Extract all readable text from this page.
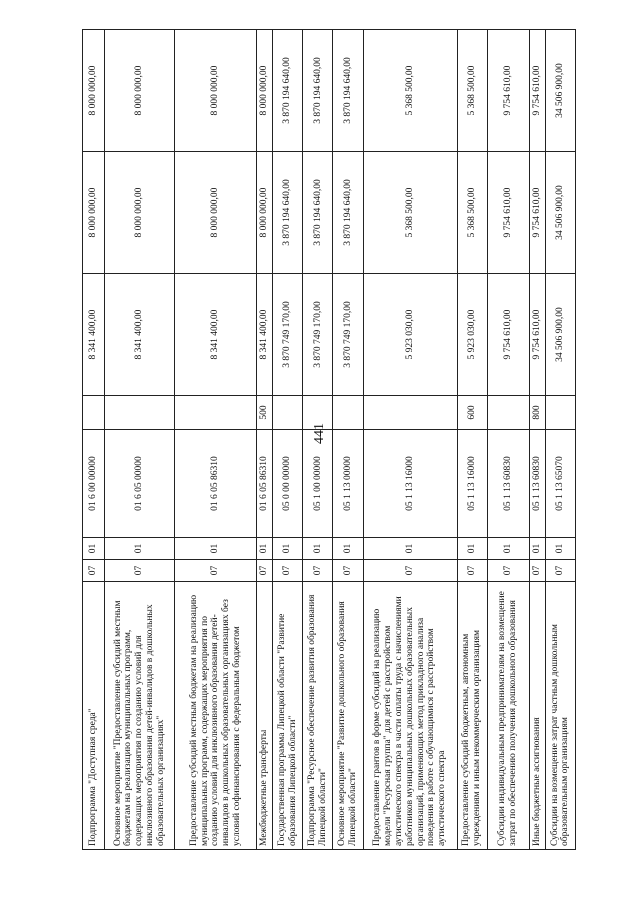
441
Подпрограмма "Доступная среда"	07	01	01 6 00 00000		8 341 400,00	8 000 000,00	8 000 000,00
Основное мероприятие "Предоставление субсидий местным бюджетам на реализацию муниципальных программ, содержащих мероприятия по созданию условий для инклюзивного образования детей-инвалидов в дошкольных образовательных организациях"	07	01	01 6 05 00000		8 341 400,00	8 000 000,00	8 000 000,00
Предоставление субсидий местным бюджетам на реализацию муниципальных программ, содержащих мероприятия по созданию условий для инклюзивного образования детей-инвалидов в дошкольных образовательных организациях без условий софинансирования с федеральным бюджетом	07	01	01 6 05 86310		8 341 400,00	8 000 000,00	8 000 000,00
Межбюджетные трансферты	07	01	01 6 05 86310	500	8 341 400,00	8 000 000,00	8 000 000,00
Государственная программа Липецкой области "Развитие образования Липецкой области"	07	01	05 0 00 00000		3 870 749 170,00	3 870 194 640,00	3 870 194 640,00
Подпрограмма "Ресурсное обеспечение развития образования Липецкой области"	07	01	05 1 00 00000		3 870 749 170,00	3 870 194 640,00	3 870 194 640,00
Основное мероприятие "Развитие дошкольного образования Липецкой области"	07	01	05 1 13 00000		3 870 749 170,00	3 870 194 640,00	3 870 194 640,00
Предоставление грантов в форме субсидий на реализацию модели "Ресурсная группа" для детей с расстройством аутистического спектра в части оплаты труда с начислениями работников муниципальных дошкольных образовательных организаций, применяющих метод прикладного анализа поведения в работе с обучающимися с расстройством аутистического спектра	07	01	05 1 13 16000		5 923 030,00	5 368 500,00	5 368 500,00
Предоставление субсидий бюджетным, автономным учреждениям и иным некоммерческим организациям	07	01	05 1 13 16000	600	5 923 030,00	5 368 500,00	5 368 500,00
Субсидии индивидуальным предпринимателям на возмещение затрат по обеспечению получения дошкольного образования	07	01	05 1 13 60830		9 754 610,00	9 754 610,00	9 754 610,00
Иные бюджетные ассигнования	07	01	05 1 13 60830	800	9 754 610,00	9 754 610,00	9 754 610,00
Субсидии на возмещение затрат частным дошкольным образовательным организациям	07	01	05 1 13 65070		34 506 900,00	34 506 900,00	34 506 900,00
